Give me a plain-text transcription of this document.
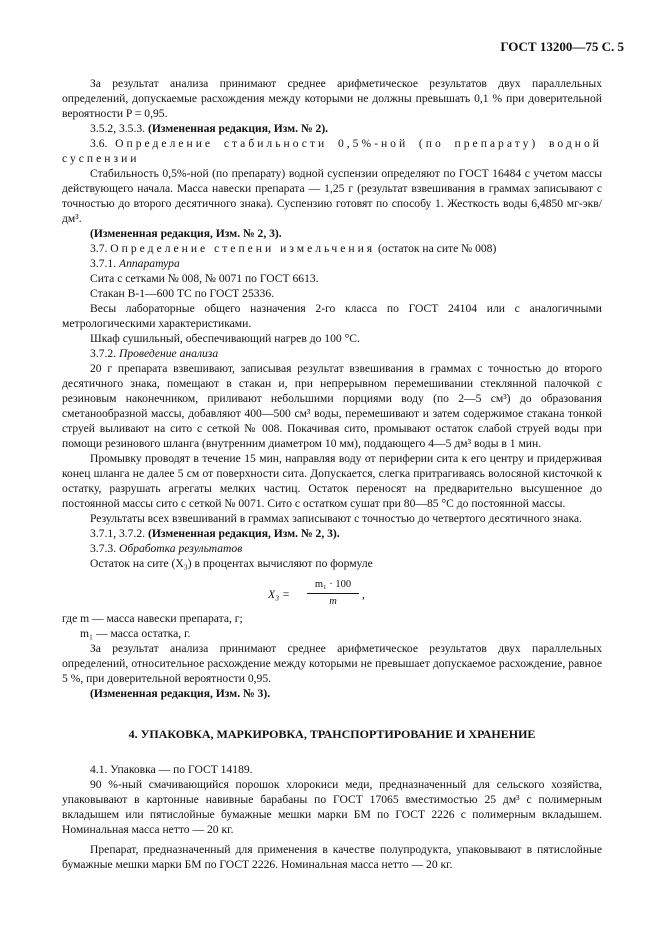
ГОСТ 13200—75 С. 5

За результат анализа принимают среднее арифметическое результатов двух параллельных определений, допускаемые расхождения между которыми не должны превышать 0,1 % при доверительной вероятности P = 0,95.

3.5.2, 3.5.3. (Измененная редакция, Изм. № 2).

3.6. Определение стабильности 0,5%-ной (по препарату) водной суспензии

Стабильность 0,5%-ной (по препарату) водной суспензии определяют по ГОСТ 16484 с учетом массы действующего начала. Масса навески препарата — 1,25 г (результат взвешивания в граммах записывают с точностью до второго десятичного знака). Суспензию готовят по способу 1. Жесткость воды 6,4850 мг-экв/дм³.

(Измененная редакция, Изм. № 2, 3).

3.7. Определение степени измельчения (остаток на сите № 008)

3.7.1. Аппаратура

Сита с сетками № 008, № 0071 по ГОСТ 6613.

Стакан В-1—600 ТС по ГОСТ 25336.

Весы лабораторные общего назначения 2-го класса по ГОСТ 24104 или с аналогичными метрологическими характеристиками.

Шкаф сушильный, обеспечивающий нагрев до 100 °С.

3.7.2. Проведение анализа

20 г препарата взвешивают, записывая результат взвешивания в граммах с точностью до второго десятичного знака, помещают в стакан и, при непрерывном перемешивании стеклянной палочкой с резиновым наконечником, приливают небольшими порциями воду (по 2—5 см³) до образования сметанообразной массы, добавляют 400—500 см³ воды, перемешивают и затем содержимое стакана тонкой струей выливают на сито с сеткой № 008. Покачивая сито, промывают остаток слабой струей воды при помощи резинового шланга (внутренним диаметром 10 мм), поддающего 4—5 дм³ воды в 1 мин.

Промывку проводят в течение 15 мин, направляя воду от периферии сита к его центру и придерживая конец шланга не далее 5 см от поверхности сита. Допускается, слегка притрагиваясь волосяной кисточкой к остатку, разрушать агрегаты мелких частиц. Остаток переносят на предварительно высушенное до постоянной массы сито с сеткой № 0071. Сито с остатком сушат при 80—85 °С до постоянной массы.

Результаты всех взвешиваний в граммах записывают с точностью до четвертого десятичного знака.

3.7.1, 3.7.2. (Измененная редакция, Изм. № 2, 3).

3.7.3. Обработка результатов

Остаток на сите (X₃) в процентах вычисляют по формуле

$X_3 = \frac{\text{m₁ · 100}}{m}$ ,

где m — масса навески препарата, г;

m₁ — масса остатка, г.

За результат анализа принимают среднее арифметическое результатов двух параллельных определений, относительное расхождение между которыми не превышает допускаемое расхождение, равное 5 %, при доверительной вероятности 0,95.

(Измененная редакция, Изм. № 3).

4. УПАКОВКА, МАРКИРОВКА, ТРАНСПОРТИРОВАНИЕ И ХРАНЕНИЕ

4.1. Упаковка — по ГОСТ 14189.

90 %-ный смачивающийся порошок хлорокиси меди, предназначенный для сельского хозяйства, упаковывают в картонные навивные барабаны по ГОСТ 17065 вместимостью 25 дм³ с полимерным вкладышем или пятислойные бумажные мешки марки БМ по ГОСТ 2226 с полимерным вкладышем. Номинальная масса нетто — 20 кг.

Препарат, предназначенный для применения в качестве полупродукта, упаковывают в пятислойные бумажные мешки марки БМ по ГОСТ 2226. Номинальная масса нетто — 20 кг.
